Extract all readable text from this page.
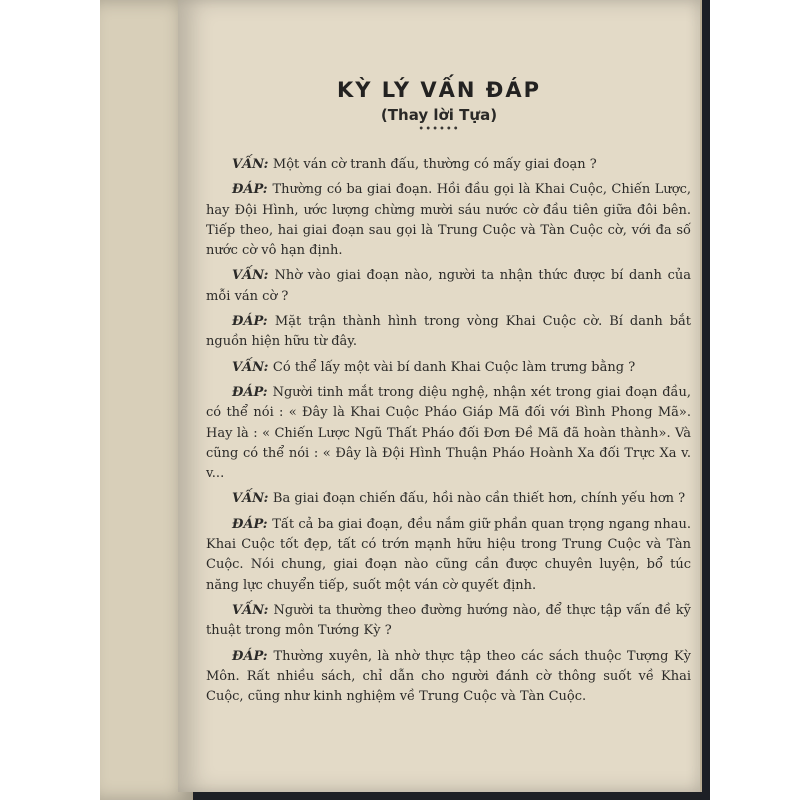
KỲ LÝ VẤN ĐÁP
(Thay lời Tựa)
••••••

VẤN: Một ván cờ tranh đấu, thường có mấy giai đoạn ?

ĐÁP: Thường có ba giai đoạn. Hồi đầu gọi là Khai Cuộc, Chiến Lược, hay Đội Hình, ước lượng chừng mười sáu nước cờ đầu tiên giữa đôi bên. Tiếp theo, hai giai đoạn sau gọi là Trung Cuộc và Tàn Cuộc cờ, với đa số nước cờ vô hạn định.

VẤN: Nhờ vào giai đoạn nào, người ta nhận thức được bí danh của mỗi ván cờ ?

ĐÁP: Mặt trận thành hình trong vòng Khai Cuộc cờ. Bí danh bắt nguồn hiện hữu từ đây.

VẤN: Có thể lấy một vài bí danh Khai Cuộc làm trưng bằng ?

ĐÁP: Người tinh mắt trong diệu nghệ, nhận xét trong giai đoạn đầu, có thể nói : « Đây là Khai Cuộc Pháo Giáp Mã đối với Bình Phong Mã». Hay là : « Chiến Lược Ngũ Thất Pháo đối Đơn Đề Mã đã hoàn thành». Và cũng có thể nói : « Đây là Đội Hình Thuận Pháo Hoành Xa đối Trực Xa v. v...

VẤN: Ba giai đoạn chiến đấu, hồi nào cần thiết hơn, chính yếu hơn ?

ĐÁP: Tất cả ba giai đoạn, đều nắm giữ phần quan trọng ngang nhau. Khai Cuộc tốt đẹp, tất có trớn mạnh hữu hiệu trong Trung Cuộc và Tàn Cuộc. Nói chung, giai đoạn nào cũng cần được chuyên luyện, bổ túc năng lực chuyển tiếp, suốt một ván cờ quyết định.

VẤN: Người ta thường theo đường hướng nào, để thực tập vấn đề kỹ thuật trong môn Tướng Kỳ ?

ĐÁP: Thường xuyên, là nhờ thực tập theo các sách thuộc Tượng Kỳ Môn. Rất nhiều sách, chỉ dẫn cho người đánh cờ thông suốt về Khai Cuộc, cũng như kinh nghiệm về Trung Cuộc và Tàn Cuộc.
